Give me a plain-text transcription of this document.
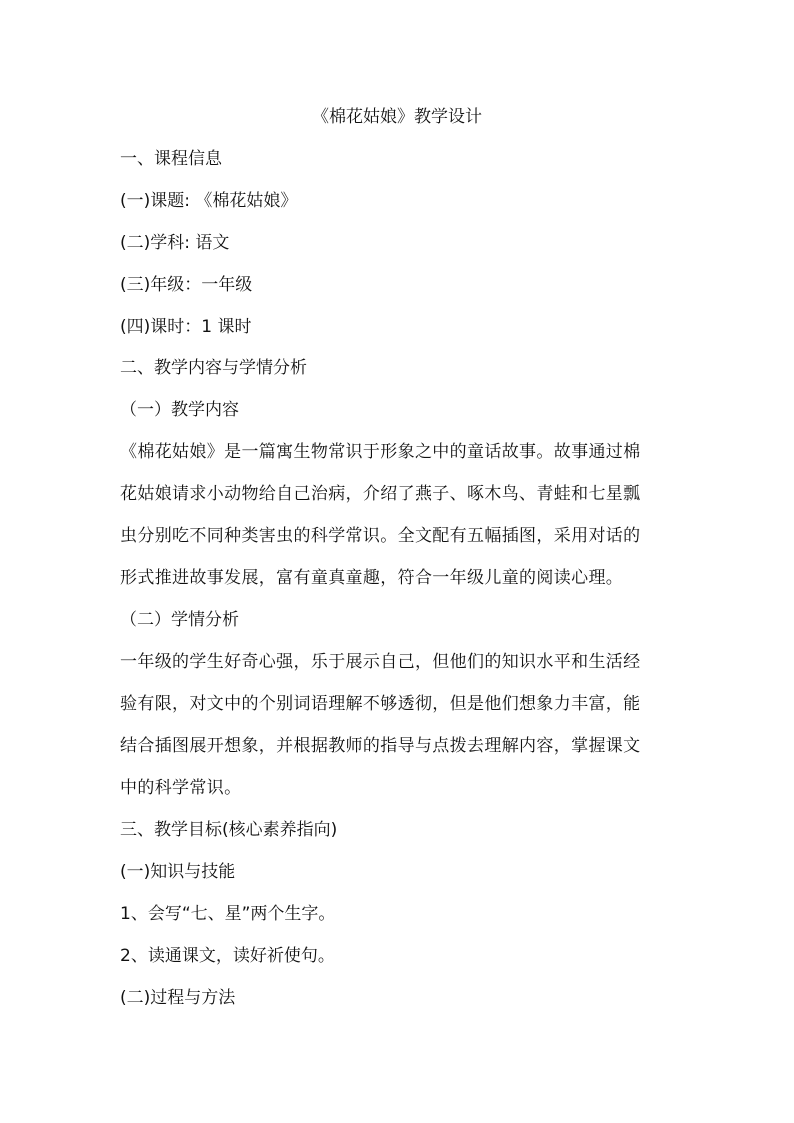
《棉花姑娘》教学设计
一、课程信息
(一)课题: 《棉花姑娘》
(二)学科: 语文
(三)年级：一年级
(四)课时：1 课时
二、教学内容与学情分析
（一）教学内容
《棉花姑娘》是一篇寓生物常识于形象之中的童话故事。故事通过棉
花姑娘请求小动物给自己治病，介绍了燕子、啄木鸟、青蛙和七星瓢
虫分别吃不同种类害虫的科学常识。全文配有五幅插图，采用对话的
形式推进故事发展，富有童真童趣，符合一年级儿童的阅读心理。
（二）学情分析
一年级的学生好奇心强，乐于展示自己，但他们的知识水平和生活经
验有限，对文中的个别词语理解不够透彻，但是他们想象力丰富，能
结合插图展开想象，并根据教师的指导与点拨去理解内容，掌握课文
中的科学常识。
三、教学目标(核心素养指向)
(一)知识与技能
1、会写“七、星”两个生字。
2、读通课文，读好祈使句。
(二)过程与方法
